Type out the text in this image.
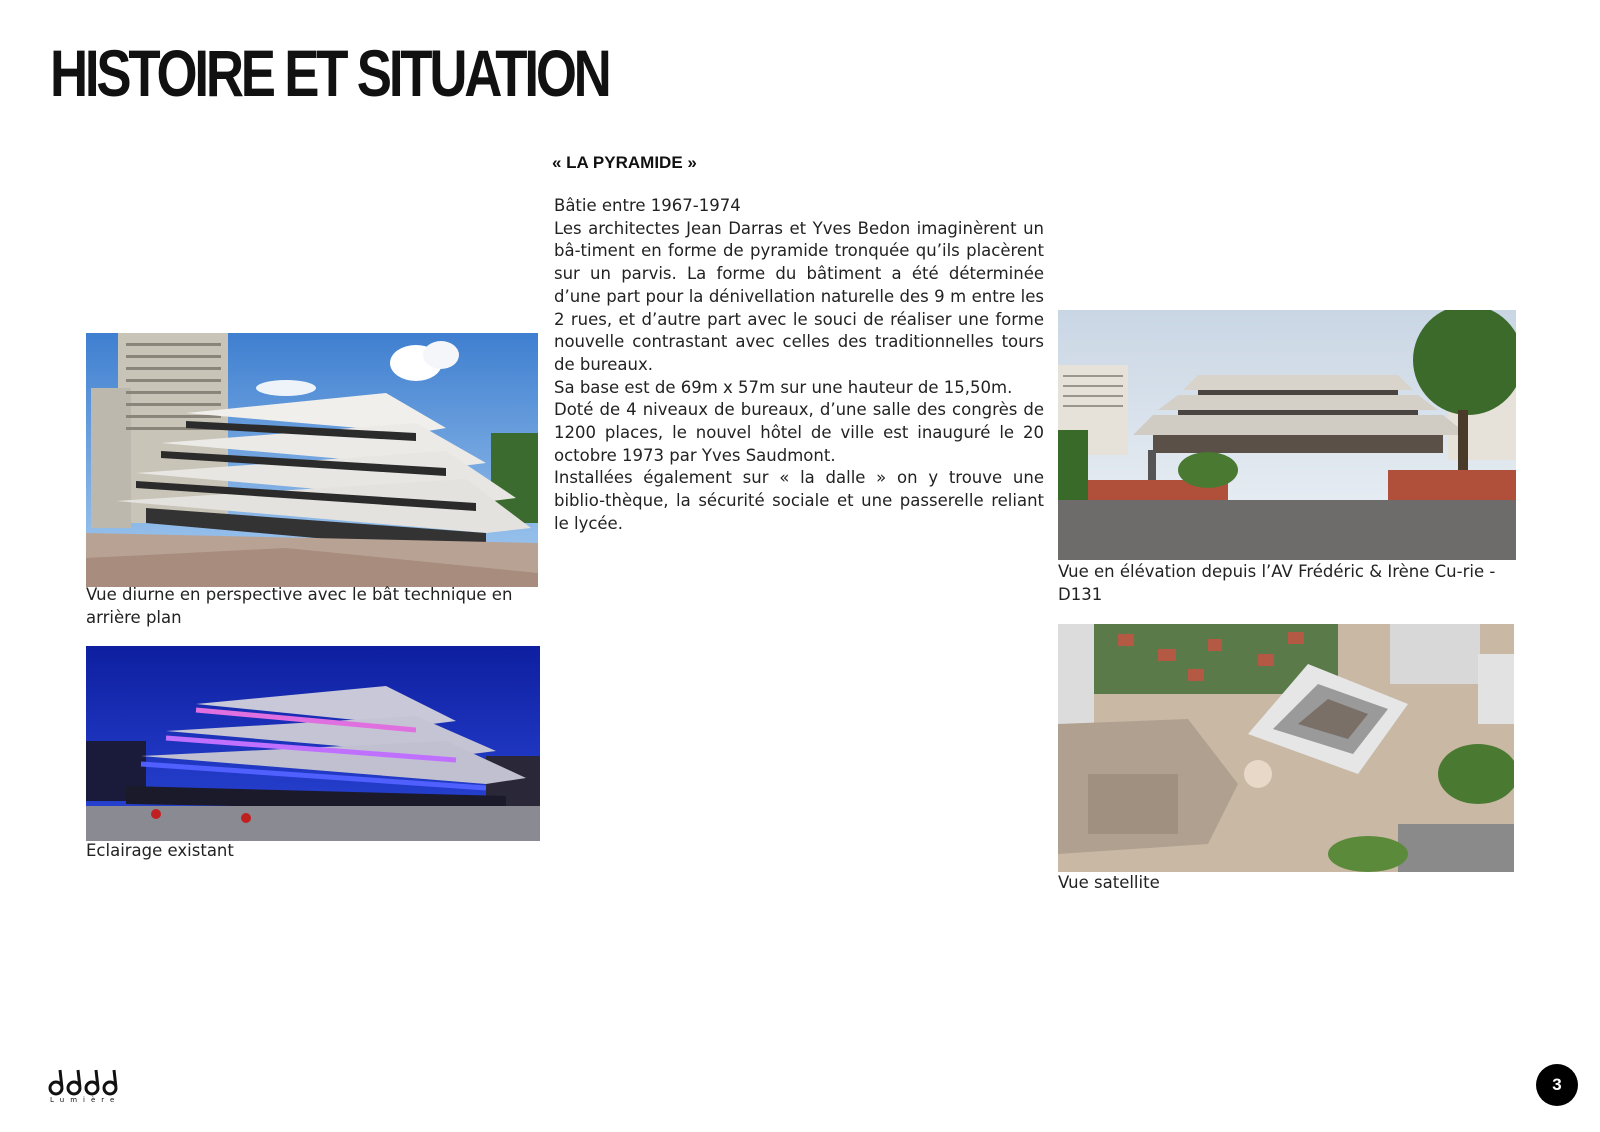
HISTOIRE ET SITUATION
« LA PYRAMIDE »

Bâtie entre 1967-1974

Les architectes Jean Darras et Yves Bedon imaginèrent un bâ-timent en forme de pyramide tronquée qu’ils placèrent sur un parvis. La forme du bâtiment a été déterminée d’une part pour la dénivellation naturelle des 9 m entre les 2 rues, et d’autre part avec le souci de réaliser une forme nouvelle contrastant avec celles des traditionnelles tours de bureaux.

Sa base est de 69m x 57m sur une hauteur de 15,50m.

Doté de 4 niveaux de bureaux, d’une salle des congrès de 1200 places, le nouvel hôtel de ville est inauguré le 20 octobre 1973 par Yves Saudmont.

Installées également sur « la dalle » on y trouve une biblio-thèque, la sécurité sociale et une passerelle reliant le lycée.

Vue diurne en perspective avec le bât technique en arrière plan

Eclairage existant

Vue en élévation depuis l’AV Frédéric & Irène Cu-rie - D131

Vue satellite

Lumière
3
